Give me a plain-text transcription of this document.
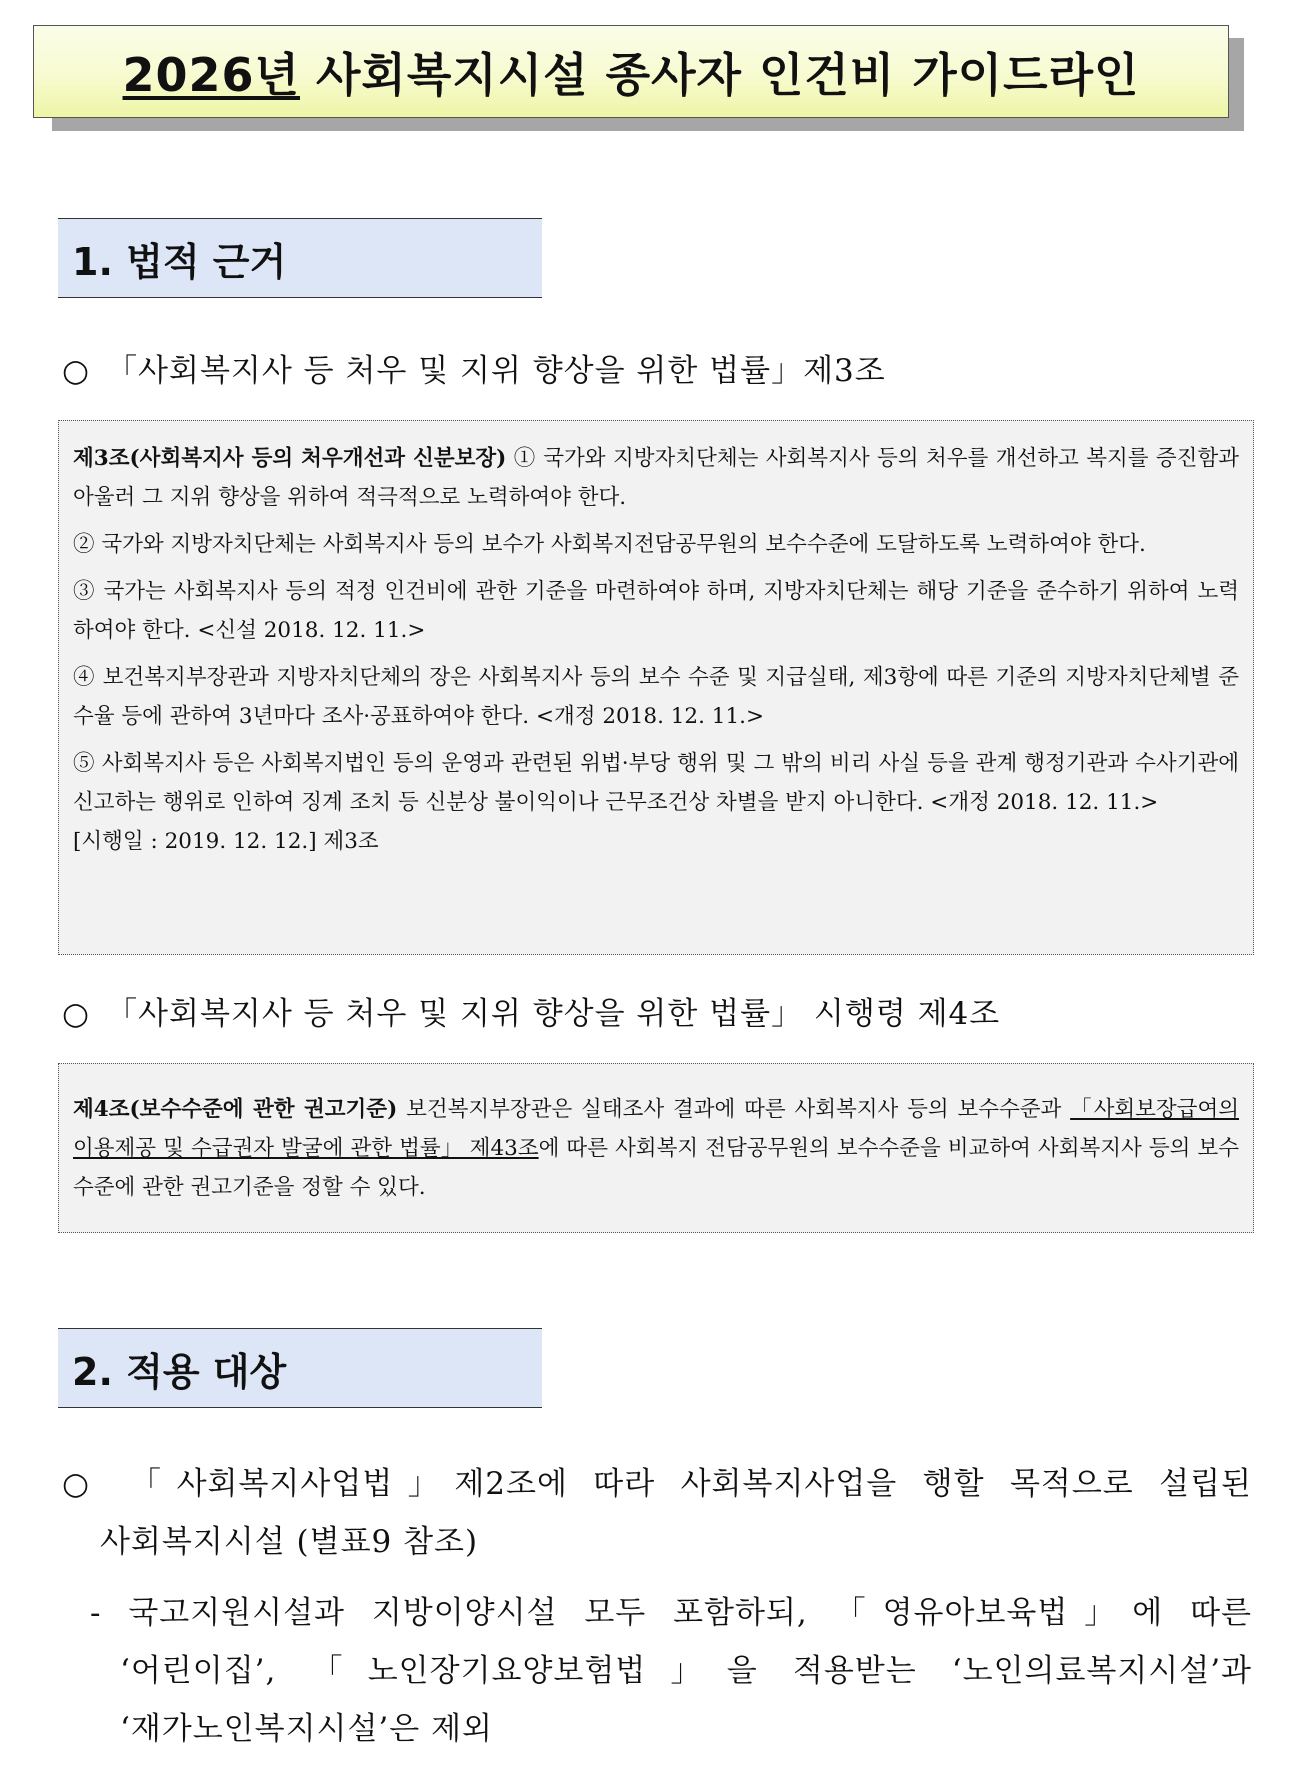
2026년 사회복지시설 종사자 인건비 가이드라인
1. 법적 근거
○ 「사회복지사 등 처우 및 지위 향상을 위한 법률」제3조

제3조(사회복지사 등의 처우개선과 신분보장) ① 국가와 지방자치단체는 사회복지사 등의 처우를 개선하고 복지를 증진함과 아울러 그 지위 향상을 위하여 적극적으로 노력하여야 한다.

② 국가와 지방자치단체는 사회복지사 등의 보수가 사회복지전담공무원의 보수수준에 도달하도록 노력하여야 한다.

③ 국가는 사회복지사 등의 적정 인건비에 관한 기준을 마련하여야 하며, 지방자치단체는 해당 기준을 준수하기 위하여 노력하여야 한다. <신설 2018. 12. 11.>

④ 보건복지부장관과 지방자치단체의 장은 사회복지사 등의 보수 수준 및 지급실태, 제3항에 따른 기준의 지방자치단체별 준수율 등에 관하여 3년마다 조사·공표하여야 한다. <개정 2018. 12. 11.>

⑤ 사회복지사 등은 사회복지법인 등의 운영과 관련된 위법·부당 행위 및 그 밖의 비리 사실 등을 관계 행정기관과 수사기관에 신고하는 행위로 인하여 징계 조치 등 신분상 불이익이나 근무조건상 차별을 받지 아니한다. <개정 2018. 12. 11.>

[시행일 : 2019. 12. 12.] 제3조

○ 「사회복지사 등 처우 및 지위 향상을 위한 법률」 시행령 제4조

제4조(보수수준에 관한 권고기준) 보건복지부장관은 실태조사 결과에 따른 사회복지사 등의 보수수준과 「사회보장급여의 이용제공 및 수급권자 발굴에 관한 법률」 제43조에 따른 사회복지 전담공무원의 보수수준을 비교하여 사회복지사 등의 보수수준에 관한 권고기준을 정할 수 있다.

2. 적용 대상

○ 「사회복지사업법」제2조에 따라 사회복지사업을 행할 목적으로 설립된

사회복지시설 (별표9 참조)

- 국고지원시설과 지방이양시설 모두 포함하되, 「영유아보육법」에 따른

‘어린이집’, 「노인장기요양보험법」을 적용받는 ‘노인의료복지시설’과

‘재가노인복지시설’은 제외
